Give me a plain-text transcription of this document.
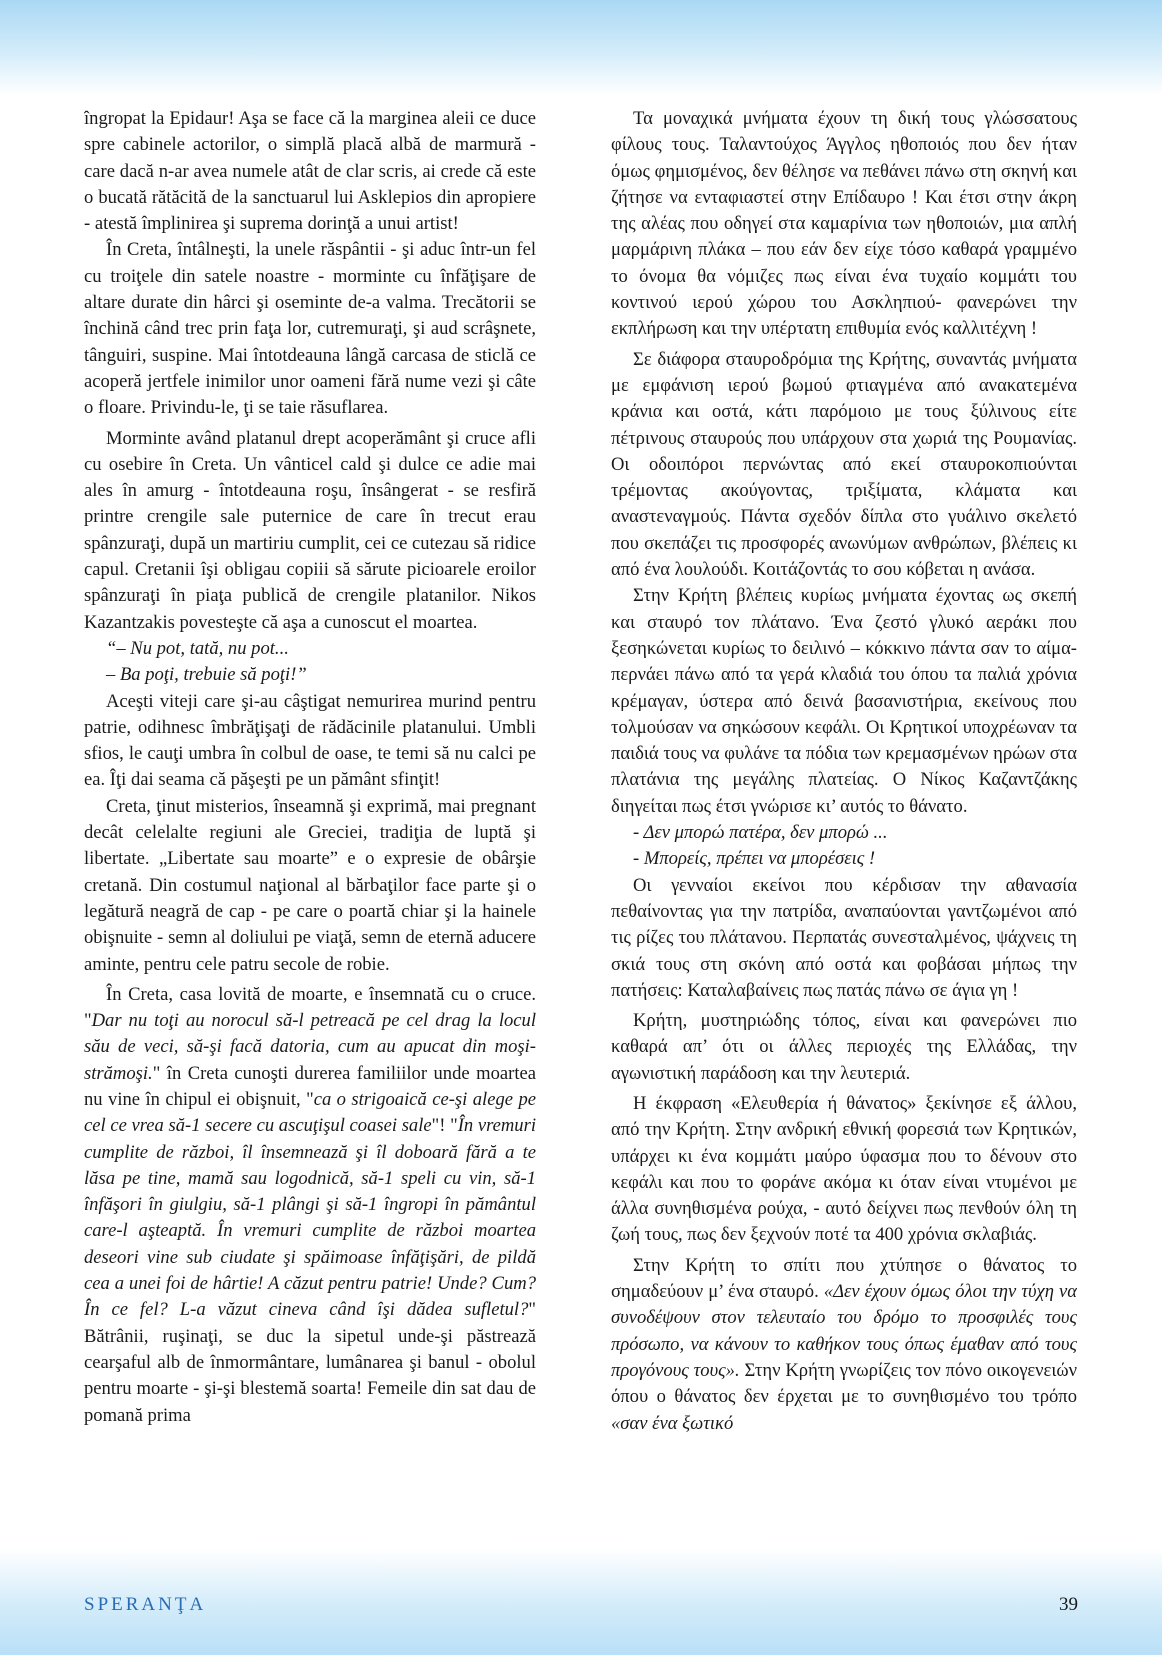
îngropat la Epidaur! Aşa se face că la marginea aleii ce duce spre cabinele actorilor, o simplă placă albă de marmură - care dacă n-ar avea numele atât de clar scris, ai crede că este o bucată rătăcită de la sanctuarul lui Asklepios din apropiere - atestă împlinirea şi suprema dorinţă a unui artist!

În Creta, întâlneşti, la unele răspântii - şi aduc într-un fel cu troiţele din satele noastre - morminte cu înfăţişare de altare durate din hârci şi oseminte de-a valma. Trecătorii se închină când trec prin faţa lor, cutremuraţi, şi aud scrâşnete, tânguiri, suspine. Mai întotdeauna lângă carcasa de sticlă ce acoperă jertfele inimilor unor oameni fără nume vezi şi câte o floare. Privindu-le, ţi se taie răsuflarea.

Morminte având platanul drept acoperământ şi cruce afli cu osebire în Creta. Un vânticel cald şi dulce ce adie mai ales în amurg - întotdeauna roşu, însângerat - se resfiră printre crengile sale puternice de care în trecut erau spânzuraţi, după un martiriu cumplit, cei ce cutezau să ridice capul. Cretanii îşi obligau copiii să sărute picioarele eroilor spânzuraţi în piaţa publică de crengile platanilor. Nikos Kazantzakis povesteşte că aşa a cunoscut el moartea.

“– Nu pot, tată, nu pot...

– Ba poţi, trebuie să poţi!”

Aceşti viteji care şi-au câştigat nemurirea murind pentru patrie, odihnesc îmbrăţişaţi de rădăcinile platanului. Umbli sfios, le cauţi umbra în colbul de oase, te temi să nu calci pe ea. Îţi dai seama că păşeşti pe un pământ sfinţit!

Creta, ţinut misterios, înseamnă şi exprimă, mai pregnant decât celelalte regiuni ale Greciei, tradiţia de luptă şi libertate. „Libertate sau moarte” e o expresie de obârşie cretană. Din costumul naţional al bărbaţilor face parte şi o legătură neagră de cap - pe care o poartă chiar şi la hainele obişnuite - semn al doliului pe viaţă, semn de eternă aducere aminte, pentru cele patru secole de robie.

În Creta, casa lovită de moarte, e însemnată cu o cruce. "Dar nu toţi au norocul să-l petreacă pe cel drag la locul său de veci, să-şi facă datoria, cum au apucat din moşi-strămoşi." în Creta cunoşti durerea familiilor unde moartea nu vine în chipul ei obişnuit, "ca o strigoaică ce-şi alege pe cel ce vrea să-1 secere cu ascuţişul coasei sale"! "În vremuri cumplite de război, îl însemnează şi îl doboară fără a te lăsa pe tine, mamă sau logodnică, să-1 speli cu vin, să-1 înfăşori în giulgiu, să-1 plângi şi să-1 îngropi în pământul care-l aşteaptă. În vremuri cumplite de război moartea deseori vine sub ciudate şi spăimoase înfăţişări, de pildă cea a unei foi de hârtie! A căzut pentru patrie! Unde? Cum? În ce fel? L-a văzut cineva când îşi dădea sufletul?" Bătrânii, ruşinaţi, se duc la sipetul unde-şi păstrează cearşaful alb de înmormântare, lumânarea şi banul - obolul pentru moarte - şi-şi blestemă soarta! Femeile din sat dau de pomană prima

Τα μοναχικά μνήματα έχουν τη δική τους γλώσσατους φίλους τους. Ταλαντούχος Άγγλος ηθοποιός που δεν ήταν όμως φημισμένος, δεν θέλησε να πεθάνει πάνω στη σκηνή και ζήτησε να ενταφιαστεί στην Επίδαυρο ! Και έτσι στην άκρη της αλέας που οδηγεί στα καμαρίνια των ηθοποιών, μια απλή μαρμάρινη πλάκα – που εάν δεν είχε τόσο καθαρά γραμμένο το όνομα θα νόμιζες πως είναι ένα τυχαίο κομμάτι του κοντινού ιερού χώρου του Ασκληπιού- φανερώνει την εκπλήρωση και την υπέρτατη επιθυμία ενός καλλιτέχνη !

Σε διάφορα σταυροδρόμια της Κρήτης, συναντάς μνήματα με εμφάνιση ιερού βωμού φτιαγμένα από ανακατεμένα κράνια και οστά, κάτι παρόμοιο με τους ξύλινους είτε πέτρινους σταυρούς που υπάρχουν στα χωριά της Ρουμανίας. Οι οδοιπόροι περνώντας από εκεί σταυροκοπιούνται τρέμοντας ακούγοντας, τριξίματα, κλάματα και αναστεναγμούς. Πάντα σχεδόν δίπλα στο γυάλινο σκελετό που σκεπάζει τις προσφορές ανωνύμων ανθρώπων, βλέπεις κι από ένα λουλούδι. Κοιτάζοντάς το σου κόβεται η ανάσα.

Στην Κρήτη βλέπεις κυρίως μνήματα έχοντας ως σκεπή και σταυρό τον πλάτανο. Ένα ζεστό γλυκό αεράκι που ξεσηκώνεται κυρίως το δειλινό – κόκκινο πάντα σαν το αίμα- περνάει πάνω από τα γερά κλαδιά του όπου τα παλιά χρόνια κρέμαγαν, ύστερα από δεινά βασανιστήρια, εκείνους που τολμούσαν να σηκώσουν κεφάλι. Οι Κρητικοί υποχρέωναν τα παιδιά τους να φυλάνε τα πόδια των κρεμασμένων ηρώων στα πλατάνια της μεγάλης πλατείας. Ο Νίκος Καζαντζάκης διηγείται πως έτσι γνώρισε κι’ αυτός το θάνατο.

- Δεν μπορώ πατέρα, δεν μπορώ ...

- Μπορείς, πρέπει να μπορέσεις !

Οι γενναίοι εκείνοι που κέρδισαν την αθανασία πεθαίνοντας για την πατρίδα, αναπαύονται γαντζωμένοι από τις ρίζες του πλάτανου. Περπατάς συνεσταλμένος, ψάχνεις τη σκιά τους στη σκόνη από οστά και φοβάσαι μήπως την πατήσεις: Καταλαβαίνεις πως πατάς πάνω σε άγια γη !

Κρήτη, μυστηριώδης τόπος, είναι και φανερώνει πιο καθαρά απ’ ότι οι άλλες περιοχές της Ελλάδας, την αγωνιστική παράδοση και την λευτεριά.

Η έκφραση «Ελευθερία ή θάνατος» ξεκίνησε εξ άλλου, από την Κρήτη. Στην ανδρική εθνική φορεσιά των Κρητικών, υπάρχει κι ένα κομμάτι μαύρο ύφασμα που το δένουν στο κεφάλι και που το φοράνε ακόμα κι όταν είναι ντυμένοι με άλλα συνηθισμένα ρούχα, - αυτό δείχνει πως πενθούν όλη τη ζωή τους, πως δεν ξεχνούν ποτέ τα 400 χρόνια σκλαβιάς.

Στην Κρήτη το σπίτι που χτύπησε ο θάνατος το σημαδεύουν μ’ ένα σταυρό. «Δεν έχουν όμως όλοι την τύχη να συνοδέψουν στον τελευταίο του δρόμο το προσφιλές τους πρόσωπο, να κάνουν το καθήκον τους όπως έμαθαν από τους προγόνους τους». Στην Κρήτη γνωρίζεις τον πόνο οικογενειών όπου ο θάνατος δεν έρχεται με το συνηθισμένο του τρόπο «σαν ένα ξωτικό

SPERANŢA	39
